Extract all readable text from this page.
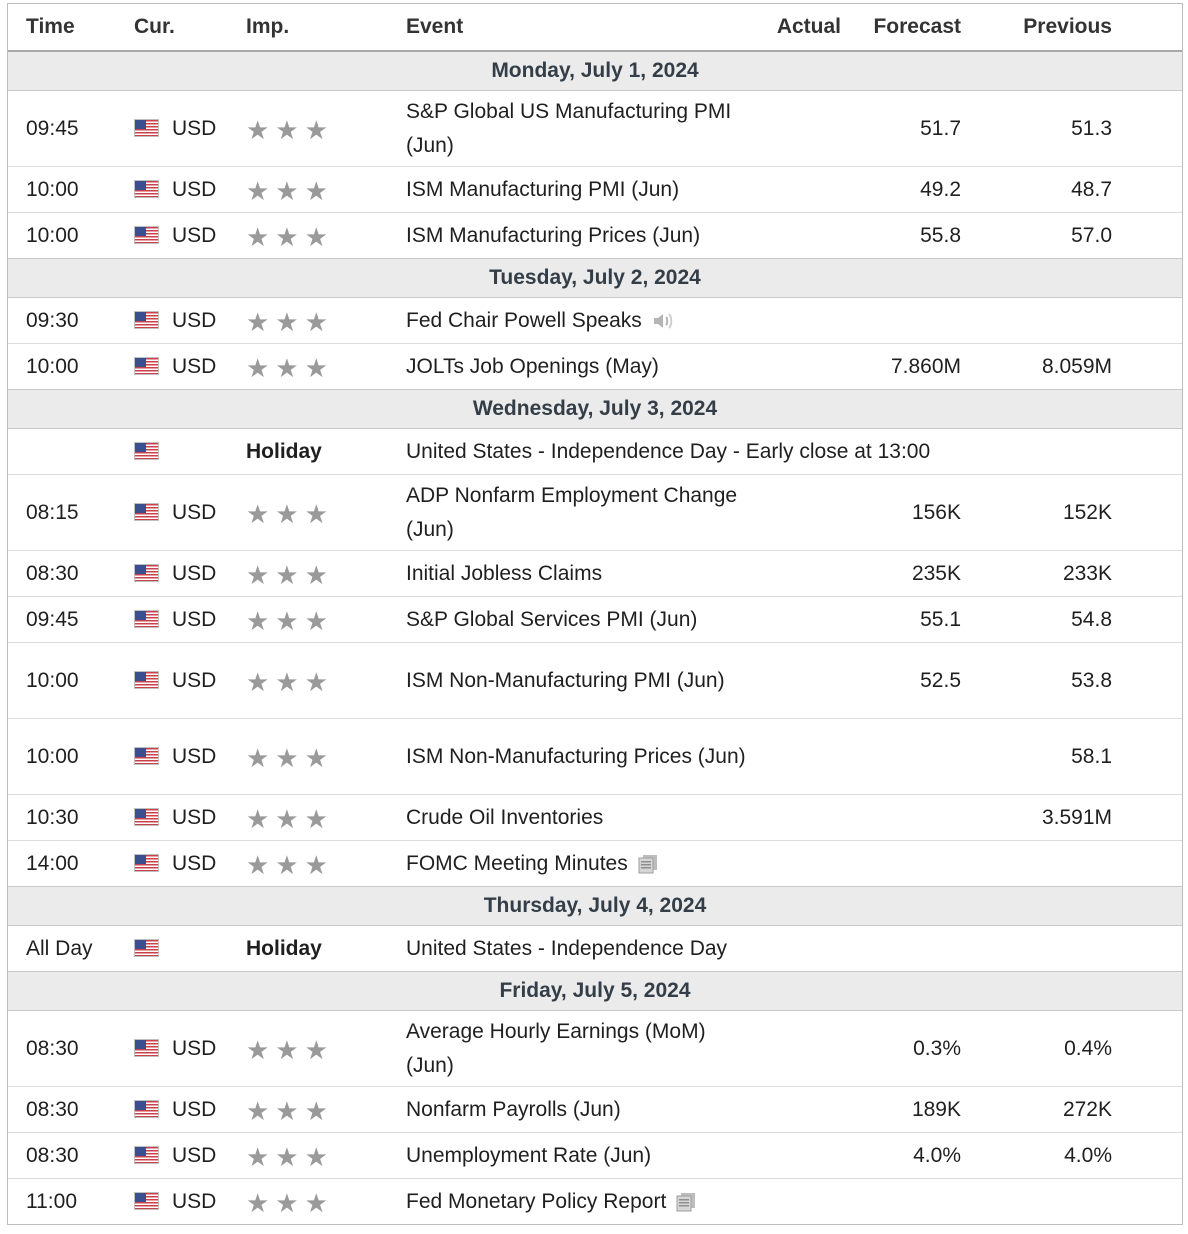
Time	Cur.	Imp.	Event	Actual	Forecast	Previous	
Monday, July 1, 2024							
09:45	USD	★★★	S&P Global US Manufacturing PMI (Jun)		51.7	51.3	
10:00	USD	★★★	ISM Manufacturing PMI (Jun)		49.2	48.7	
10:00	USD	★★★	ISM Manufacturing Prices (Jun)		55.8	57.0	
Tuesday, July 2, 2024							
09:30	USD	★★★	Fed Chair Powell Speaks				
10:00	USD	★★★	JOLTs Job Openings (May)		7.860M	8.059M	
Wednesday, July 3, 2024							
		Holiday	United States - Independence Day - Early close at 13:00				
08:15	USD	★★★	ADP Nonfarm Employment Change (Jun)		156K	152K	
08:30	USD	★★★	Initial Jobless Claims		235K	233K	
09:45	USD	★★★	S&P Global Services PMI (Jun)		55.1	54.8	
10:00	USD	★★★	ISM Non-Manufacturing PMI (Jun)		52.5	53.8	
10:00	USD	★★★	ISM Non-Manufacturing Prices (Jun)			58.1	
10:30	USD	★★★	Crude Oil Inventories			3.591M	
14:00	USD	★★★	FOMC Meeting Minutes				
Thursday, July 4, 2024							
All Day		Holiday	United States - Independence Day				
Friday, July 5, 2024							
08:30	USD	★★★	Average Hourly Earnings (MoM) (Jun)		0.3%	0.4%	
08:30	USD	★★★	Nonfarm Payrolls (Jun)		189K	272K	
08:30	USD	★★★	Unemployment Rate (Jun)		4.0%	4.0%	
11:00	USD	★★★	Fed Monetary Policy Report				
